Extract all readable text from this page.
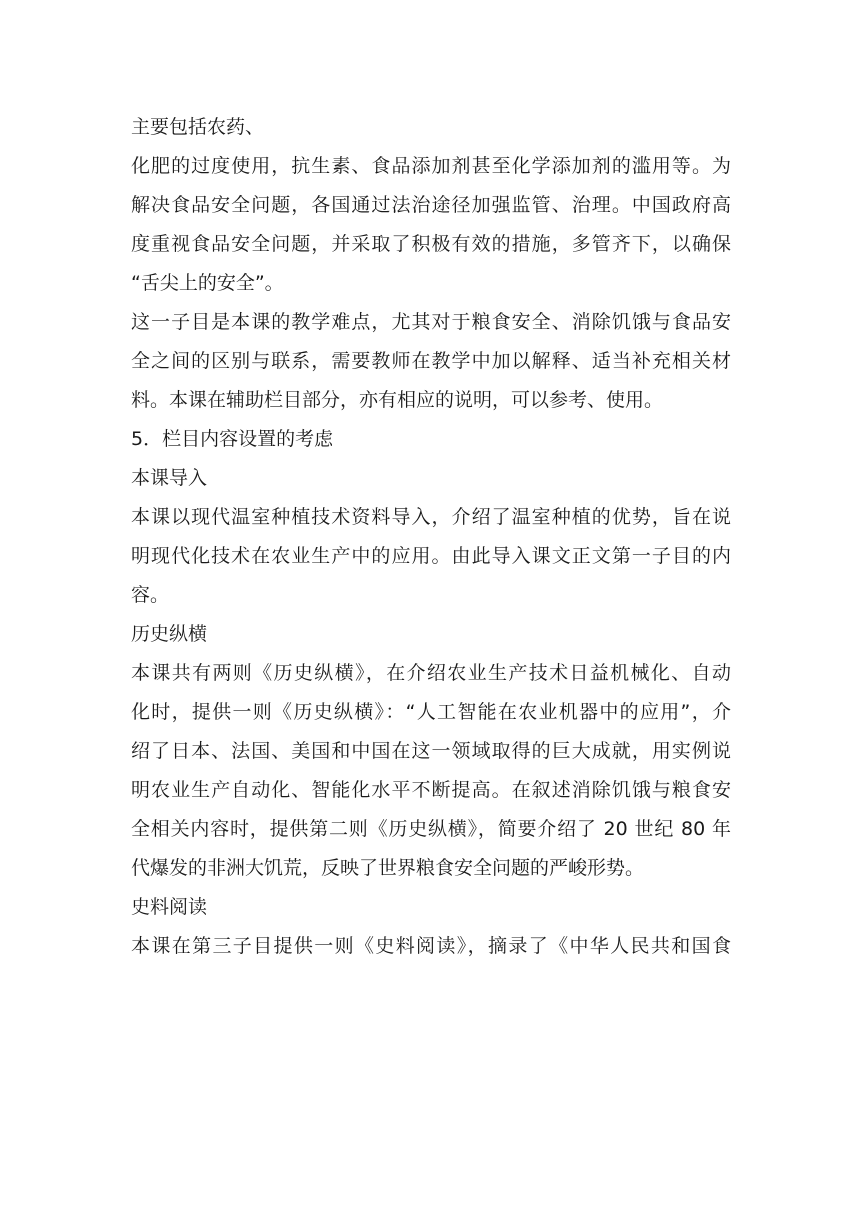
主要包括农药、
化肥的过度使用，抗生素、食品添加剂甚至化学添加剂的滥用等。为
解决食品安全问题，各国通过法治途径加强监管、治理。中国政府高
度重视食品安全问题，并采取了积极有效的措施，多管齐下，以确保
“舌尖上的安全”。
这一子目是本课的教学难点，尤其对于粮食安全、消除饥饿与食品安
全之间的区别与联系，需要教师在教学中加以解释、适当补充相关材
料。本课在辅助栏目部分，亦有相应的说明，可以参考、使用。
5．栏目内容设置的考虑
本课导入
本课以现代温室种植技术资料导入，介绍了温室种植的优势，旨在说
明现代化技术在农业生产中的应用。由此导入课文正文第一子目的内
容。
历史纵横
本课共有两则《历史纵横》，在介绍农业生产技术日益机械化、自动
化时，提供一则《历史纵横》：“人工智能在农业机器中的应用”，介
绍了日本、法国、美国和中国在这一领域取得的巨大成就，用实例说
明农业生产自动化、智能化水平不断提高。在叙述消除饥饿与粮食安
全相关内容时，提供第二则《历史纵横》，简要介绍了 20 世纪 80 年
代爆发的非洲大饥荒，反映了世界粮食安全问题的严峻形势。
史料阅读
本课在第三子目提供一则《史料阅读》，摘录了《中华人民共和国食
